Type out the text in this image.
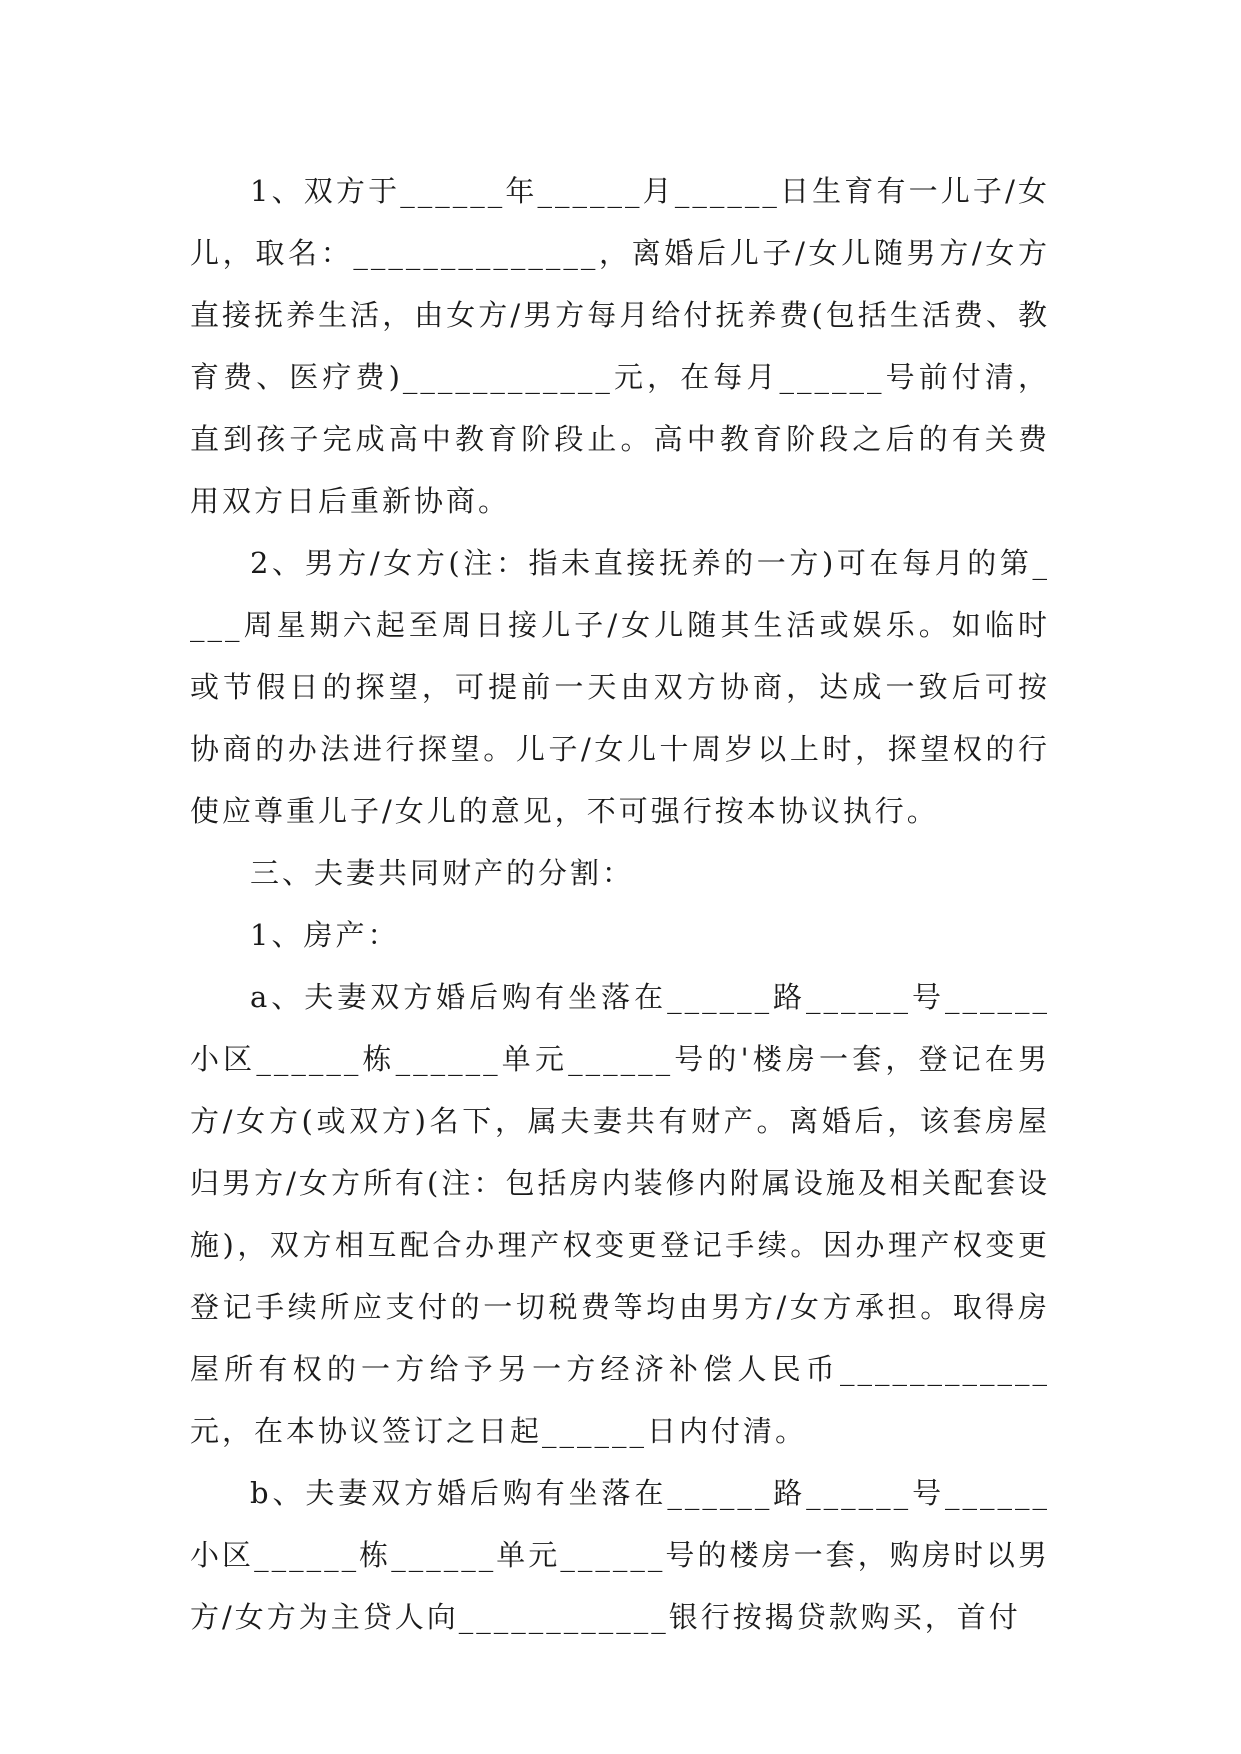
1、双方于______年______月______日生育有一儿子/女儿，取名：______________，离婚后儿子/女儿随男方/女方直接抚养生活，由女方/男方每月给付抚养费(包括生活费、教育费、医疗费)____________元，在每月______号前付清，直到孩子完成高中教育阶段止。高中教育阶段之后的有关费用双方日后重新协商。

2、男方/女方(注：指未直接抚养的一方)可在每月的第____周星期六起至周日接儿子/女儿随其生活或娱乐。如临时或节假日的探望，可提前一天由双方协商，达成一致后可按协商的办法进行探望。儿子/女儿十周岁以上时，探望权的行使应尊重儿子/女儿的意见，不可强行按本协议执行。

三、夫妻共同财产的分割：

1、房产：

a、夫妻双方婚后购有坐落在______路______号______小区______栋______单元______号的'楼房一套，登记在男方/女方(或双方)名下，属夫妻共有财产。离婚后，该套房屋归男方/女方所有(注：包括房内装修内附属设施及相关配套设施)，双方相互配合办理产权变更登记手续。因办理产权变更登记手续所应支付的一切税费等均由男方/女方承担。取得房屋所有权的一方给予另一方经济补偿人民币____________元，在本协议签订之日起______日内付清。

b、夫妻双方婚后购有坐落在______路______号______小区______栋______单元______号的楼房一套，购房时以男方/女方为主贷人向____________银行按揭贷款购买，首付
